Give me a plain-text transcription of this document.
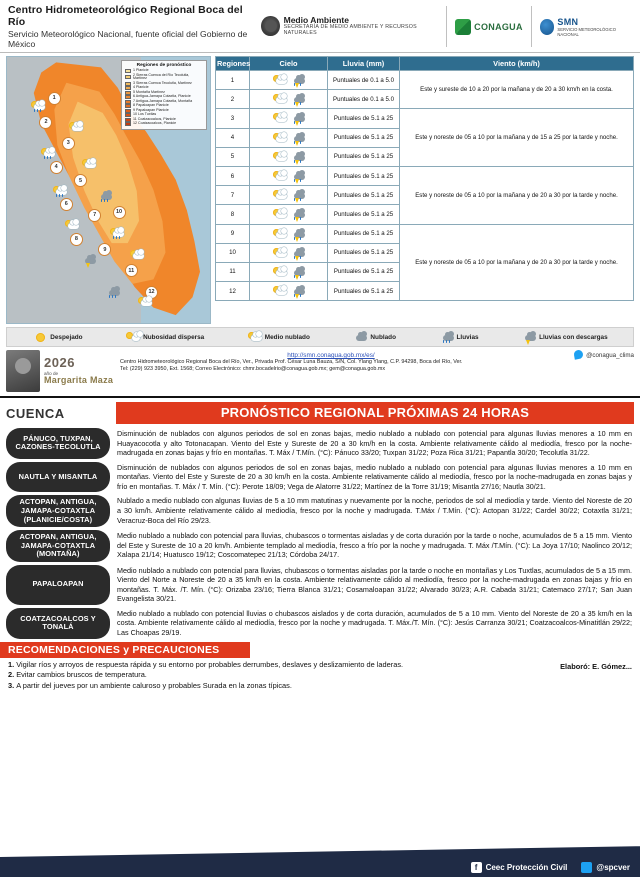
Centro Hidrometeorológico Regional Boca del Río
Servicio Meteorológico Nacional, fuente oficial del Gobierno de México
Medio Ambiente
SECRETARÍA DE MEDIO AMBIENTE Y RECURSOS NATURALES
CONAGUA	SMN
SERVICIO METEOROLÓGICO NACIONAL
1
2
3
4
5
6
7
8
9
10
11
12
Regiones de pronóstico
1 Planicie
2 Sierras Cuenca del Río Tecolutla, Martínez
3 Sierras Cuenca Tecolutla, Martínez
4 Planicie
5 Montaña Martínez
6 Antigua-Jamapa Cotaxtla, Planicie
7 Antigua-Jamapa Cotaxtla, Montaña
8 Papaloapan Planicie
9 Papaloapan Planicie
10 Los Tuxtlas
11 Coatzacoalcos, Planicie
12 Coatzacoalcos, Planicie
Regiones	Cielo	Lluvia (mm)	Viento (km/h)
1		Puntuales de 0.1 a 5.0	Este y sureste de 10 a 20 por la mañana y de 20 a 30 km/h en la costa.
2		Puntuales de 0.1 a 5.0	
3		Puntuales de 5.1 a 25	Este y noreste de 05 a 10 por la mañana y de 15 a 25 por la tarde y noche.
4		Puntuales de 5.1 a 25	
5		Puntuales de 5.1 a 25	
6		Puntuales de 5.1 a 25	Este y noreste de 05 a 10 por la mañana y de 20 a 30 por la tarde y noche.
7		Puntuales de 5.1 a 25	
8		Puntuales de 5.1 a 25	
9		Puntuales de 5.1 a 25	Este y noreste de 05 a 10 por la mañana y de 20 a 30 por la tarde y noche.
10		Puntuales de 5.1 a 25	
11		Puntuales de 5.1 a 25	
12		Puntuales de 5.1 a 25	
Despejado	Nubosidad dispersa	Medio nublado	Nublado	Lluvias	Lluvias con descargas
2026
año de
Margarita Maza
http://smn.conagua.gob.mx/es/
Centro Hidrometeorológico Regional Boca del Río, Ver., Privada Prof. César Luna Bauza, S/N, Col. Ylang Ylang, C.P. 94298, Boca del Río, Ver.
Tel: (229) 923 3950, Ext. 1568; Correo Electrónico: chmr.bocadelrio@conagua.gob.mx; gem@conagua.gob.mx
@conagua_clima
CUENCA	PRONÓSTICO REGIONAL PRÓXIMAS 24 HORAS
PÁNUCO, TUXPAN, CAZONES-TECOLUTLA
Disminución de nublados con algunos periodos de sol en zonas bajas, medio nublado a nublado con potencial para algunas lluvias menores a 10 mm en Huayacocotla y alto Totonacapan. Viento del Este y Sureste de 20 a 30 km/h en la costa. Ambiente relativamente cálido al mediodía, fresco por la noche-madrugada en zonas bajas y frío en montañas. T. Máx / T.Mín. (°C): Pánuco 33/20; Tuxpan 31/22; Poza Rica 31/21; Papantla 30/20; Tecolutla 31/22.
NAUTLA Y MISANTLA
Disminución de nublados con algunos periodos de sol en zonas bajas, medio nublado a nublado con potencial para algunas lluvias menores a 10 mm en montañas. Viento del Este y Sureste de 20 a 30 km/h en la costa. Ambiente relativamente cálido al mediodía, fresco por la noche-madrugada en zonas bajas y frío en montañas. T. Máx / T. Mín. (°C): Perote 18/09; Vega de Alatorre 31/22; Martínez de la Torre 31/19; Misantla 27/16; Nautla 30/21.
ACTOPAN, ANTIGUA, JAMAPA-COTAXTLA (PLANICIE/COSTA)
Nublado a medio nublado con algunas lluvias de 5 a 10 mm matutinas y nuevamente por la noche, periodos de sol al mediodía y tarde. Viento del Noreste de 20 a 30 km/h. Ambiente relativamente cálido al mediodía, fresco por la noche y madrugada. T.Máx / T.Mín. (°C): Actopan 31/22; Cardel 30/22; Cotaxtla 31/21; Veracruz-Boca del Río 29/23.
ACTOPAN, ANTIGUA, JAMAPA-COTAXTLA (MONTAÑA)
Medio nublado a nublado con potencial para lluvias, chubascos o tormentas aisladas y de corta duración por la tarde o noche, acumulados de 5 a 15 mm. Viento del Este y Sureste de 10 a 20 km/h. Ambiente templado al mediodía, fresco a frío por la noche y madrugada. T. Máx /T.Mín. (°C): La Joya 17/10; Naolinco 20/12; Xalapa 21/14; Huatusco 19/12; Coscomatepec 21/13; Córdoba 24/17.
PAPALOAPAN
Medio nublado a nublado con potencial para lluvias, chubascos o tormentas aisladas por la tarde o noche en montañas y Los Tuxtlas, acumulados de 5 a 15 mm. Viento del Norte a Noreste de 20 a 35 km/h en la costa. Ambiente relativamente cálido al mediodía, fresco por la noche-madrugada en zonas bajas y frío en montañas. T. Máx. /T. Mín. (°C): Orizaba 23/16; Tierra Blanca 31/21; Cosamaloapan 31/22; Alvarado 30/23; A.R. Cabada 31/21; Catemaco 27/17; San Juan Evangelista 30/21.
COATZACOALCOS Y TONALÁ
Medio nublado a nublado con potencial lluvias o chubascos aislados y de corta duración, acumulados de 5 a 10 mm. Viento del Noreste de 20 a 35 km/h en la costa. Ambiente relativamente cálido al mediodía, fresco por la noche y madrugada. T. Máx./T. Mín. (°C): Jesús Carranza 30/21; Coatzacoalcos-Minatitlán 29/22; Las Choapas 29/19.
RECOMENDACIONES y PRECAUCIONES
1. Vigilar ríos y arroyos de respuesta rápida y su entorno por probables derrumbes, deslaves y deslizamiento de laderas.
2. Evitar cambios bruscos de temperatura.
3. A partir del jueves por un ambiente caluroso y probables Surada en la zonas típicas.
Elaboró: E. Gómez...
f	Ceec Protección Civil	@spcver
